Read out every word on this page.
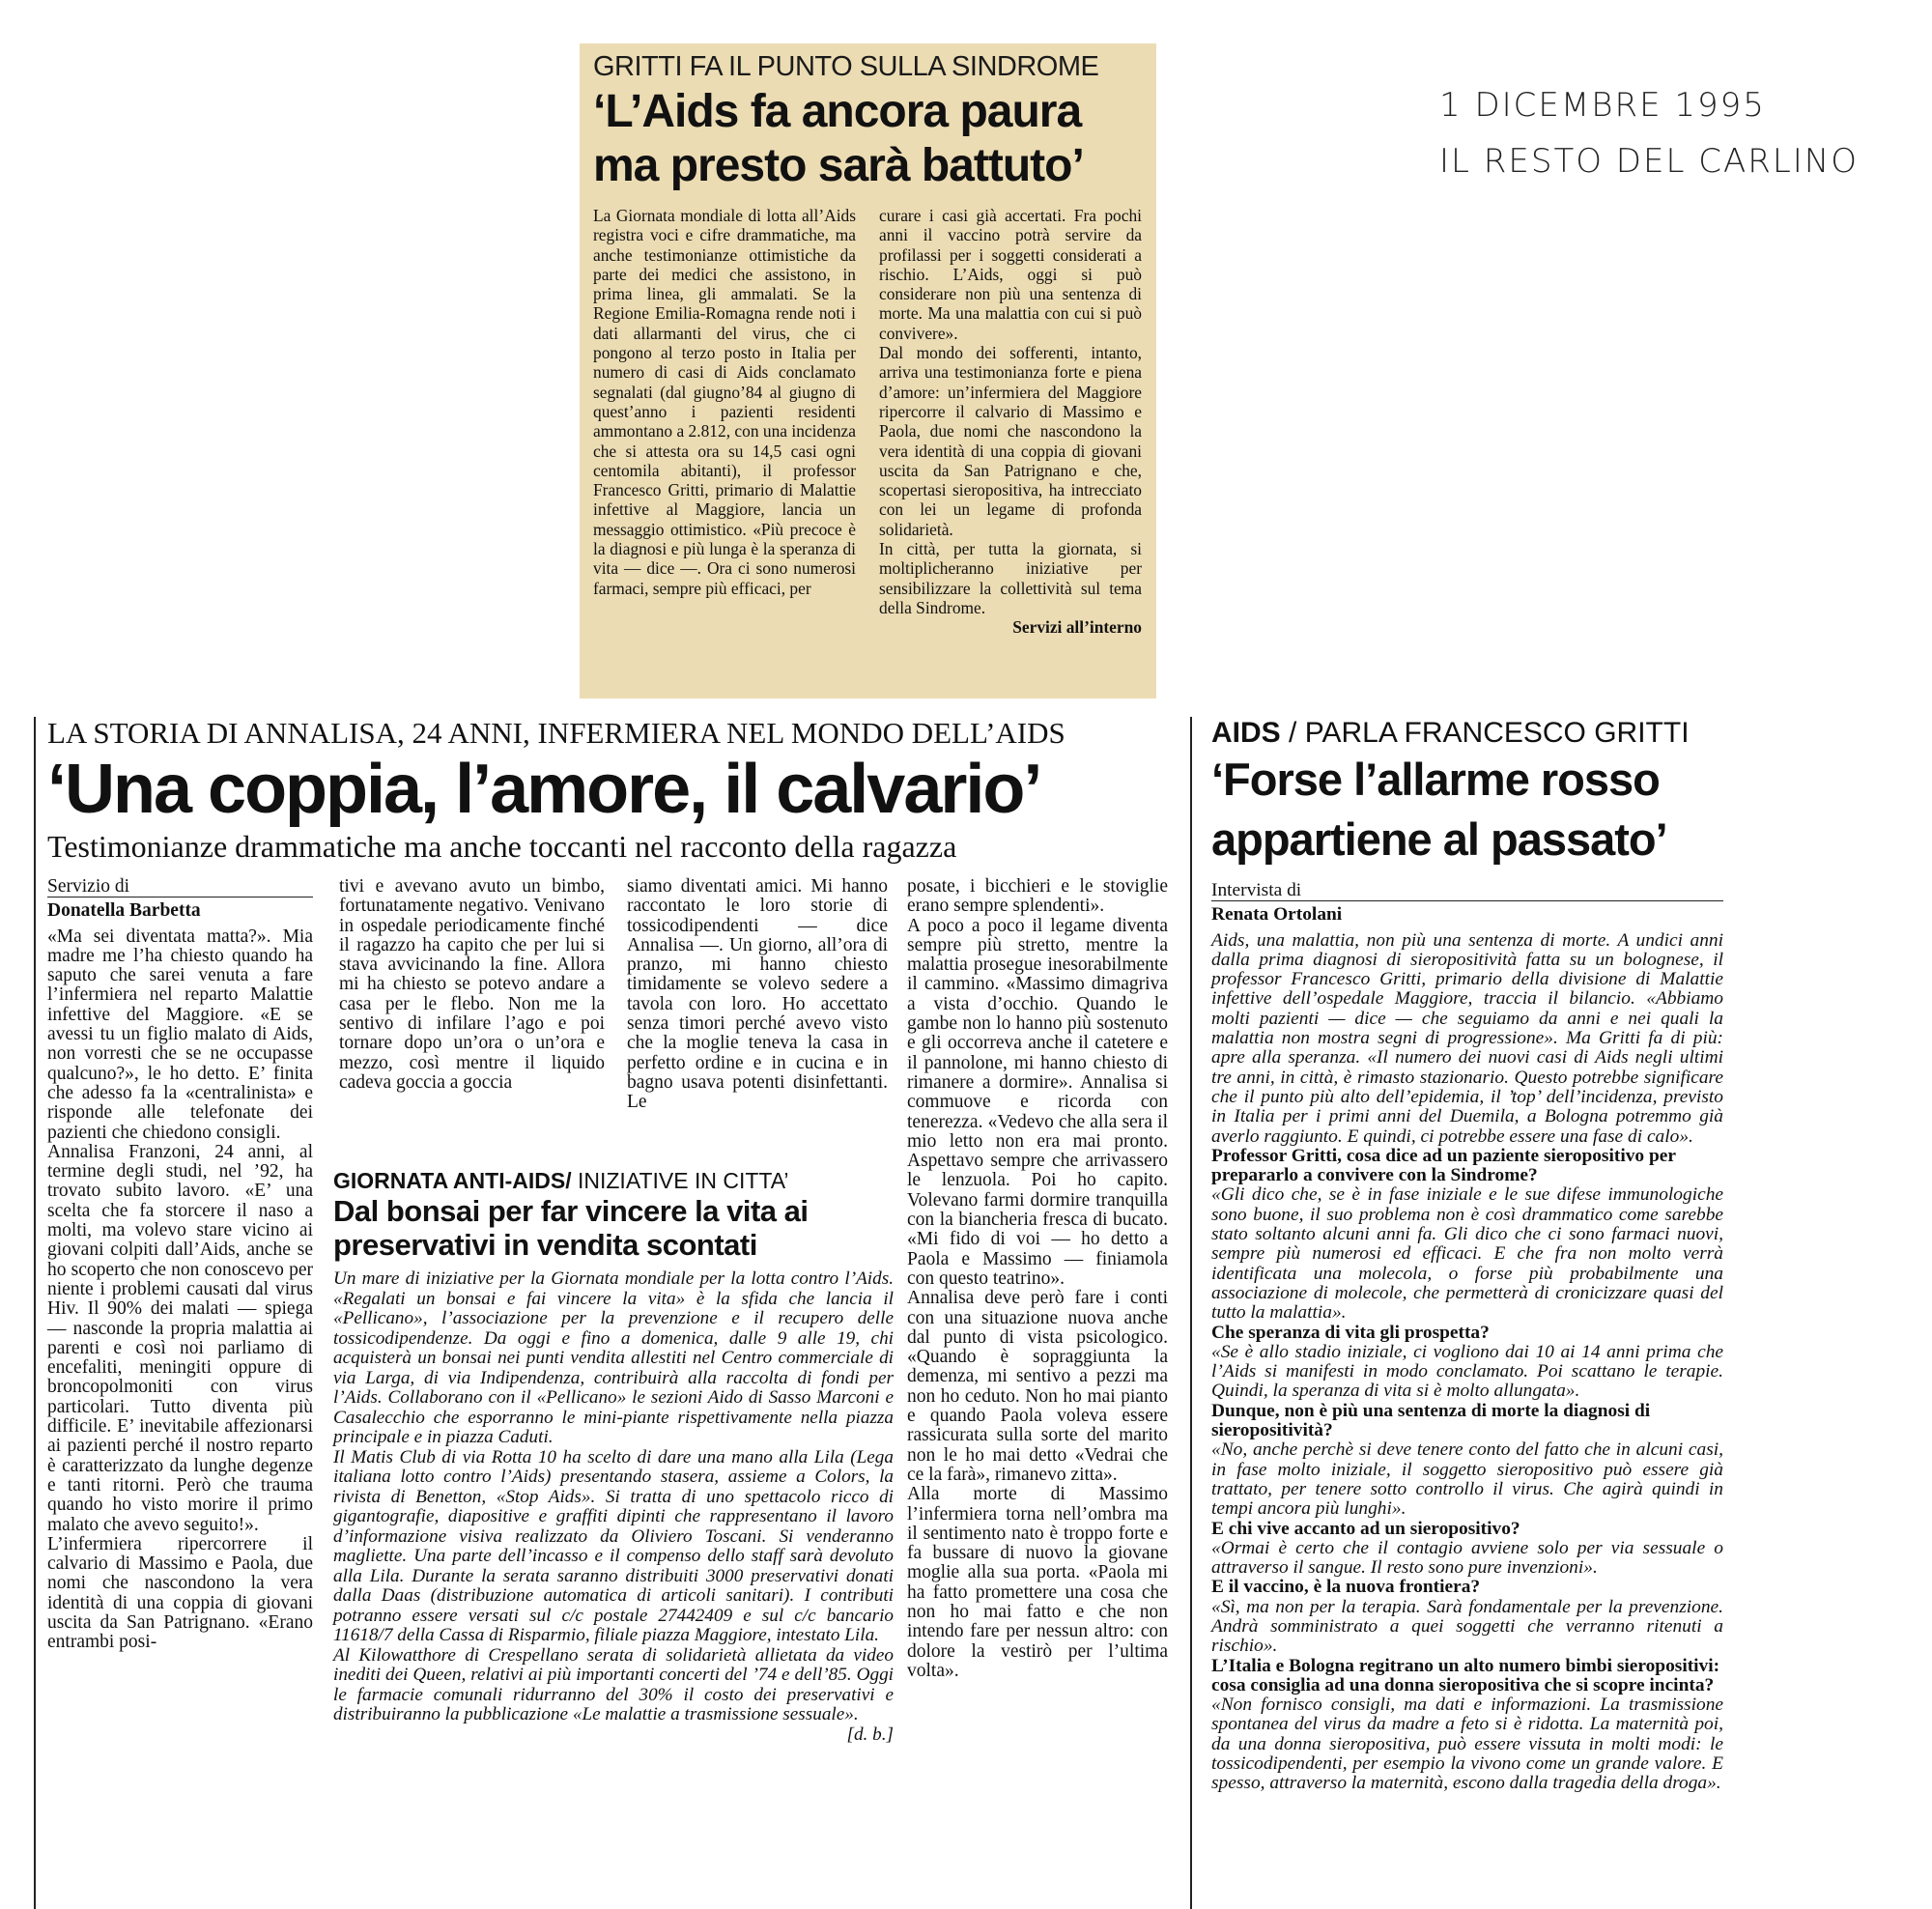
1 DICEMBRE 1995
IL RESTO DEL CARLINO
GRITTI FA IL PUNTO SULLA SINDROME
‘L’Aids fa ancora paura ma presto sarà battuto’

La Giornata mondiale di lotta all’Aids registra voci e cifre drammatiche, ma anche testimonianze ottimistiche da parte dei medici che assistono, in prima linea, gli ammalati. Se la Regione Emilia-Romagna rende noti i dati allarmanti del virus, che ci pongono al terzo posto in Italia per numero di casi di Aids conclamato segnalati (dal giugno’84 al giugno di quest’anno i pazienti residenti ammontano a 2.812, con una incidenza che si attesta ora su 14,5 casi ogni centomila abitanti), il professor Francesco Gritti, primario di Malattie infettive al Maggiore, lancia un messaggio ottimistico. «Più precoce è la diagnosi e più lunga è la speranza di vita — dice —. Ora ci sono numerosi farmaci, sempre più efficaci, per

curare i casi già accertati. Fra pochi anni il vaccino potrà servire da profilassi per i soggetti considerati a rischio. L’Aids, oggi si può considerare non più una sentenza di morte. Ma una malattia con cui si può convivere».

Dal mondo dei sofferenti, intanto, arriva una testimonianza forte e piena d’amore: un’infermiera del Maggiore ripercorre il calvario di Massimo e Paola, due nomi che nascondono la vera identità di una coppia di giovani uscita da San Patrignano e che, scopertasi sieropositiva, ha intrecciato con lei un legame di profonda solidarietà.

In città, per tutta la giornata, si moltiplicheranno iniziative per sensibilizzare la collettività sul tema della Sindrome.

Servizi all’interno

LA STORIA DI ANNALISA, 24 ANNI, INFERMIERA NEL MONDO DELL’AIDS
‘Una coppia, l’amore, il calvario’
Testimonianze drammatiche ma anche toccanti nel racconto della ragazza
Servizio di
Donatella Barbetta

«Ma sei diventata matta?». Mia madre me l’ha chiesto quando ha saputo che sarei venuta a fare l’infermiera nel reparto Malattie infettive del Maggiore. «E se avessi tu un figlio malato di Aids, non vorresti che se ne occupasse qualcuno?», le ho detto. E’ finita che adesso fa la «centralinista» e risponde alle telefonate dei pazienti che chiedono consigli.

Annalisa Franzoni, 24 anni, al termine degli studi, nel ’92, ha trovato subito lavoro. «E’ una scelta che fa storcere il naso a molti, ma volevo stare vicino ai giovani colpiti dall’Aids, anche se ho scoperto che non conoscevo per niente i problemi causati dal virus Hiv. Il 90% dei malati — spiega — nasconde la propria malattia ai parenti e così noi parliamo di encefaliti, meningiti oppure di broncopolmoniti con virus particolari. Tutto diventa più difficile. E’ inevitabile affezionarsi ai pazienti perché il nostro reparto è caratterizzato da lunghe degenze e tanti ritorni. Però che trauma quando ho visto morire il primo malato che avevo seguito!».

L’infermiera ripercorrere il calvario di Massimo e Paola, due nomi che nascondono la vera identità di una coppia di giovani uscita da San Patrignano. «Erano entrambi posi-

tivi e avevano avuto un bimbo, fortunatamente negativo. Venivano in ospedale periodicamente finché il ragazzo ha capito che per lui si stava avvicinando la fine. Allora mi ha chiesto se potevo andare a casa per le flebo. Non me la sentivo di infilare l’ago e poi tornare dopo un’ora o un’ora e mezzo, così mentre il liquido cadeva goccia a goccia

siamo diventati amici. Mi hanno raccontato le loro storie di tossicodipendenti — dice Annalisa —. Un giorno, all’ora di pranzo, mi hanno chiesto timidamente se volevo sedere a tavola con loro. Ho accettato senza timori perché avevo visto che la moglie teneva la casa in perfetto ordine e in cucina e in bagno usava potenti disinfettanti. Le

posate, i bicchieri e le stoviglie erano sempre splendenti».

A poco a poco il legame diventa sempre più stretto, mentre la malattia prosegue inesorabilmente il cammino. «Massimo dimagriva a vista d’occhio. Quando le gambe non lo hanno più sostenuto e gli occorreva anche il catetere e il pannolone, mi hanno chiesto di rimanere a dormire». Annalisa si commuove e ricorda con tenerezza. «Vedevo che alla sera il mio letto non era mai pronto. Aspettavo sempre che arrivassero le lenzuola. Poi ho capito. Volevano farmi dormire tranquilla con la biancheria fresca di bucato. «Mi fido di voi — ho detto a Paola e Massimo — finiamola con questo teatrino».

Annalisa deve però fare i conti con una situazione nuova anche dal punto di vista psicologico. «Quando è sopraggiunta la demenza, mi sentivo a pezzi ma non ho ceduto. Non ho mai pianto e quando Paola voleva essere rassicurata sulla sorte del marito non le ho mai detto «Vedrai che ce la farà», rimanevo zitta».

Alla morte di Massimo l’infermiera torna nell’ombra ma il sentimento nato è troppo forte e fa bussare di nuovo la giovane moglie alla sua porta. «Paola mi ha fatto promettere una cosa che non ho mai fatto e che non intendo fare per nessun altro: con dolore la vestirò per l’ultima volta».

GIORNATA ANTI-AIDS/ INIZIATIVE IN CITTA’
Dal bonsai per far vincere la vita ai preservativi in vendita scontati

Un mare di iniziative per la Giornata mondiale per la lotta contro l’Aids. «Regalati un bonsai e fai vincere la vita» è la sfida che lancia il «Pellicano», l’associazione per la prevenzione e il recupero delle tossicodipendenze. Da oggi e fino a domenica, dalle 9 alle 19, chi acquisterà un bonsai nei punti vendita allestiti nel Centro commerciale di via Larga, di via Indipendenza, contribuirà alla raccolta di fondi per l’Aids. Collaborano con il «Pellicano» le sezioni Aido di Sasso Marconi e Casalecchio che esporranno le mini-piante rispettivamente nella piazza principale e in piazza Caduti.

Il Matis Club di via Rotta 10 ha scelto di dare una mano alla Lila (Lega italiana lotto contro l’Aids) presentando stasera, assieme a Colors, la rivista di Benetton, «Stop Aids». Si tratta di uno spettacolo ricco di gigantografie, diapositive e graffiti dipinti che rappresentano il lavoro d’informazione visiva realizzato da Oliviero Toscani. Si venderanno magliette. Una parte dell’incasso e il compenso dello staff sarà devoluto alla Lila. Durante la serata saranno distribuiti 3000 preservativi donati dalla Daas (distribuzione automatica di articoli sanitari). I contributi potranno essere versati sul c/c postale 27442409 e sul c/c bancario 11618/7 della Cassa di Risparmio, filiale piazza Maggiore, intestato Lila.

Al Kilowatthore di Crespellano serata di solidarietà allietata da video inediti dei Queen, relativi ai più importanti concerti del ’74 e dell’85. Oggi le farmacie comunali ridurranno del 30% il costo dei preservativi e distribuiranno la pubblicazione «Le malattie a trasmissione sessuale».

[d. b.]

AIDS / PARLA FRANCESCO GRITTI
‘Forse l’allarme rosso appartiene al passato’
Intervista di
Renata Ortolani

Aids, una malattia, non più una sentenza di morte. A undici anni dalla prima diagnosi di sieropositività fatta su un bolognese, il professor Francesco Gritti, primario della divisione di Malattie infettive dell’ospedale Maggiore, traccia il bilancio. «Abbiamo molti pazienti — dice — che seguiamo da anni e nei quali la malattia non mostra segni di progressione». Ma Gritti fa di più: apre alla speranza. «Il numero dei nuovi casi di Aids negli ultimi tre anni, in città, è rimasto stazionario. Questo potrebbe significare che il punto più alto dell’epidemia, il ’top’ dell’incidenza, previsto in Italia per i primi anni del Duemila, a Bologna potremmo già averlo raggiunto. E quindi, ci potrebbe essere una fase di calo».

Professor Gritti, cosa dice ad un paziente sieropositivo per prepararlo a convivere con la Sindrome?

«Gli dico che, se è in fase iniziale e le sue difese immunologiche sono buone, il suo problema non è così drammatico come sarebbe stato soltanto alcuni anni fa. Gli dico che ci sono farmaci nuovi, sempre più numerosi ed efficaci. E che fra non molto verrà identificata una molecola, o forse più probabilmente una associazione di molecole, che permetterà di cronicizzare quasi del tutto la malattia».

Che speranza di vita gli prospetta?

«Se è allo stadio iniziale, ci vogliono dai 10 ai 14 anni prima che l’Aids si manifesti in modo conclamato. Poi scattano le terapie. Quindi, la speranza di vita si è molto allungata».

Dunque, non è più una sentenza di morte la diagnosi di sieropositività?

«No, anche perchè si deve tenere conto del fatto che in alcuni casi, in fase molto iniziale, il soggetto sieropositivo può essere già trattato, per tenere sotto controllo il virus. Che agirà quindi in tempi ancora più lunghi».

E chi vive accanto ad un sieropositivo?

«Ormai è certo che il contagio avviene solo per via sessuale o attraverso il sangue. Il resto sono pure invenzioni».

E il vaccino, è la nuova frontiera?

«Sì, ma non per la terapia. Sarà fondamentale per la prevenzione. Andrà somministrato a quei soggetti che verranno ritenuti a rischio».

L’Italia e Bologna regitrano un alto numero bimbi sieropositivi: cosa consiglia ad una donna sieropositiva che si scopre incinta?

«Non fornisco consigli, ma dati e informazioni. La trasmissione spontanea del virus da madre a feto si è ridotta. La maternità poi, da una donna sieropositiva, può essere vissuta in molti modi: le tossicodipendenti, per esempio la vivono come un grande valore. E spesso, attraverso la maternità, escono dalla tragedia della droga».
